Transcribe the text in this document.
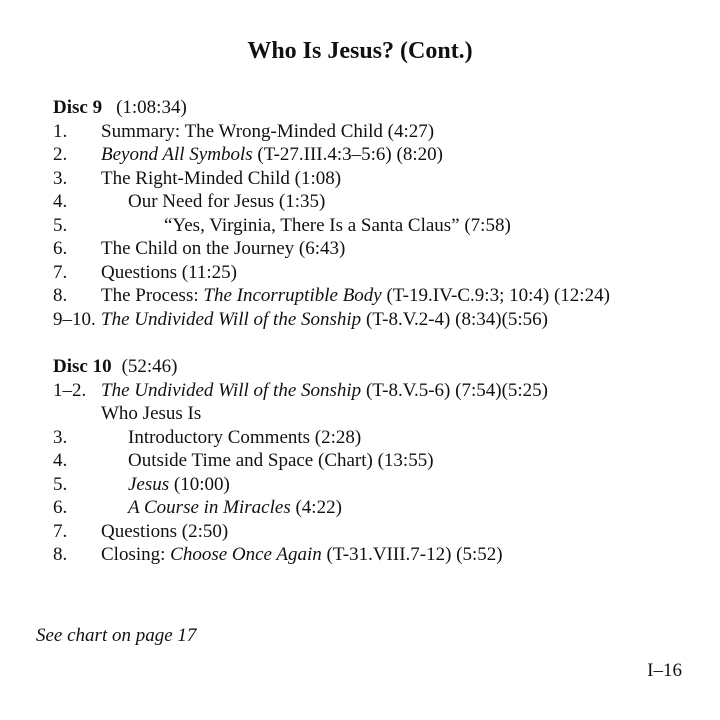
Who Is Jesus? (Cont.)
Disc 9 (1:08:34)
1.	Summary: The Wrong-Minded Child (4:27)
2.	Beyond All Symbols (T-27.III.4:3–5:6) (8:20)
3.	The Right-Minded Child (1:08)
4.	Our Need for Jesus (1:35)
5.	“Yes, Virginia, There Is a Santa Claus” (7:58)
6.	The Child on the Journey (6:43)
7.	Questions (11:25)
8.	The Process: The Incorruptible Body (T-19.IV-C.9:3; 10:4) (12:24)
9–10. The Undivided Will of the Sonship (T-8.V.2-4) (8:34)(5:56)
Disc 10 (52:46)
1–2. The Undivided Will of the Sonship (T-8.V.5-6) (7:54)(5:25)
Who Jesus Is
3.	Introductory Comments (2:28)
4.	Outside Time and Space (Chart) (13:55)
5.	Jesus (10:00)
6.	A Course in Miracles (4:22)
7.	Questions (2:50)
8.	Closing: Choose Once Again (T-31.VIII.7-12) (5:52)
See chart on page 17
I–16
